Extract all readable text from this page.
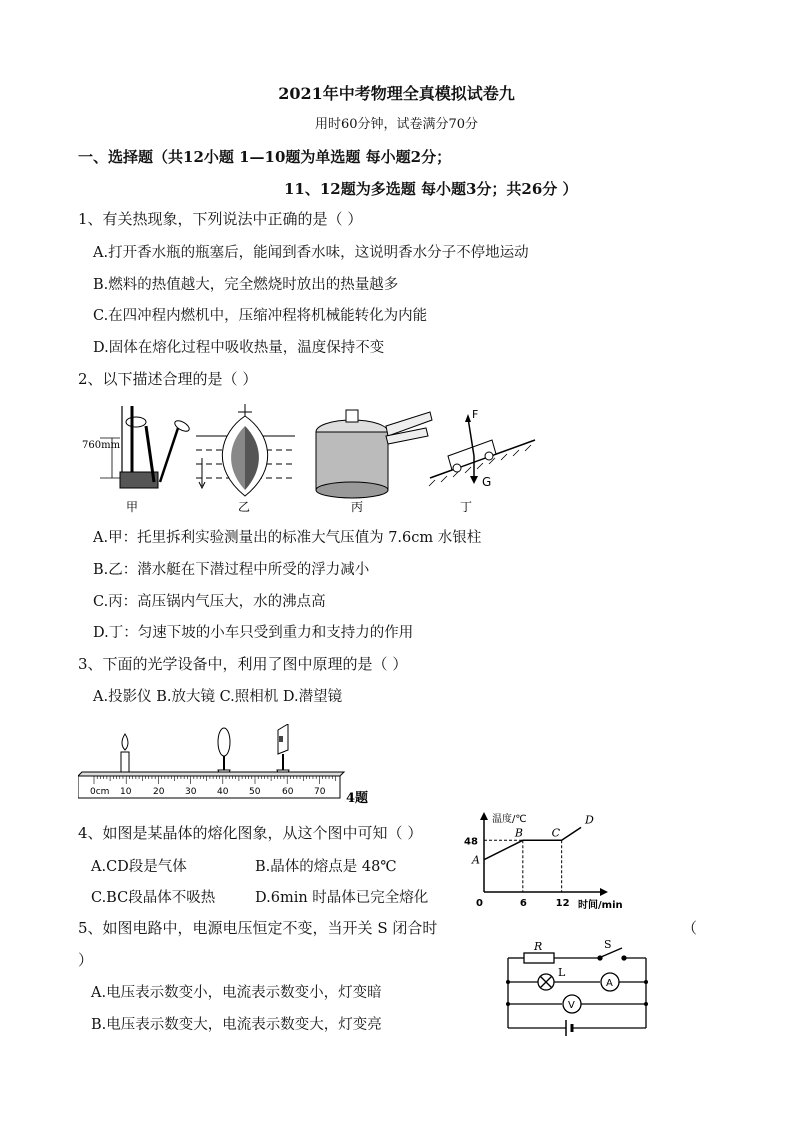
2021年中考物理全真模拟试卷九
用时60分钟，试卷满分70分
一、选择题（共12小题 1—10题为单选题 每小题2分；
11、12题为多选题 每小题3分；共26分 ）
1、有关热现象，下列说法中正确的是（ ）
A.打开香水瓶的瓶塞后，能闻到香水味，这说明香水分子不停地运动
B.燃料的热值越大，完全燃烧时放出的热量越多
C.在四冲程内燃机中，压缩冲程将机械能转化为内能
D.固体在熔化过程中吸收热量，温度保持不变
2、以下描述合理的是（ ）
760mm
F
G
甲	乙	丙	丁
A.甲：托里拆利实验测量出的标准大气压值为 7.6cm 水银柱
B.乙：潜水艇在下潜过程中所受的浮力减小
C.丙：高压锅内气压大，水的沸点高
D.丁：匀速下坡的小车只受到重力和支持力的作用
3、下面的光学设备中，利用了图中原理的是（ ）
A.投影仪 B.放大镜 C.照相机 D.潜望镜
0cm 10 20 30 40 50 60 70 4题
4、如图是某晶体的熔化图象，从这个图中可知（ ）
A.CD段是气体	B.晶体的熔点是 48℃
C.BC段晶体不吸热	D.6min 时晶体已完全熔化
温度/℃
时间/min
0
48
6	12
A
B	C
D
5、如图电路中，电源电压恒定不变，当开关 S 闭合时	（
）
A.电压表示数变小，电流表示数变小，灯变暗
B.电压表示数变大，电流表示数变大，灯变亮
R	S
L
A
V
